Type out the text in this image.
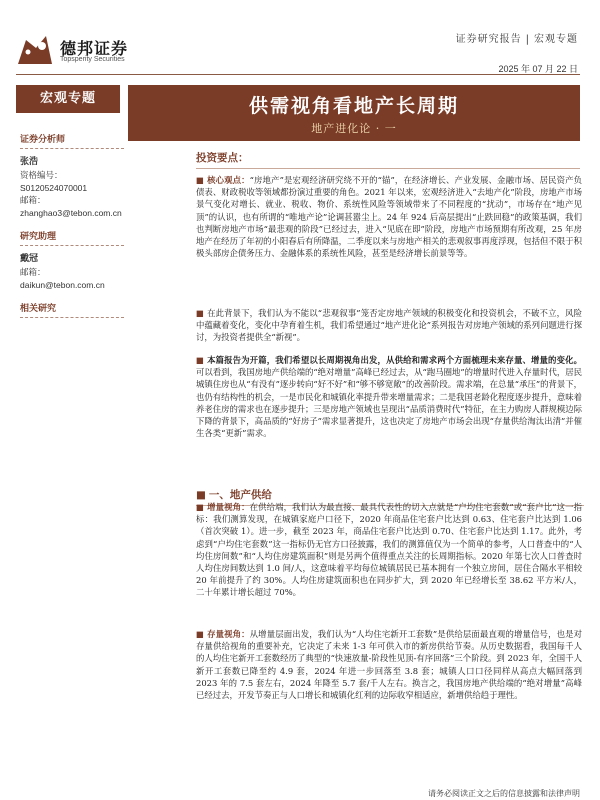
德邦证券
Topsperity Securities
证券研究报告 | 宏观专题
2025 年 07 月 22 日
宏观专题	供需视角看地产长周期
地产进化论 · 一
证券分析师
张浩
资格编号：S0120524070001
邮箱：zhanghao3@tebon.com.cn
研究助理
戴冠
邮箱：daikun@tebon.com.cn
相关研究
投资要点：
■ 核心观点：“房地产”是宏观经济研究绕不开的“锚”，在经济增长、产业发展、金融市场、居民资产负债表、财政税收等领域都扮演过重要的角色。2021 年以来，宏观经济进入“去地产化”阶段，房地产市场景气变化对增长、就业、税收、物价、系统性风险等领域带来了不同程度的“扰动”，市场存在“地产见顶”的认识，也有所谓的“唯地产论”论调甚嚣尘上。24 年 924 后高层提出“止跌回稳”的政策基调，我们也判断房地产市场“最悲观的阶段”已经过去，进入“见底在即”阶段，房地产市场预期有所改观，25 年房地产在经历了年初的小阳春后有所降温，二季度以来与房地产相关的悲观叙事再度浮现，包括但不限于积极头部房企债务压力、金融体系的系统性风险，甚至是经济增长前景等等。
■ 在此背景下，我们认为不能以“悲观叙事”笼否定房地产领域的积极变化和投资机会，不破不立，风险中蕴藏着变化，变化中孕育着生机，我们希望通过“地产进化论”系列报告对房地产领域的系列问题进行探讨，为投资者提供全“新视”。
■ 本篇报告为开篇，我们希望以长周期视角出发，从供给和需求两个方面梳理未来存量、增量的变化。可以看到，我国房地产供给端的“绝对增量”高峰已经过去，从“跑马圈地”的增量时代进入存量时代，居民城镇住房也从“有没有”逐步转向“好不好”和“够不够宽敞”的改善阶段。需求端，在总量“承压”的背景下，也仍有结构性的机会，一是市民化和城镇化率提升带来增量需求；二是我国老龄化程度逐步提升，意味着养老住房的需求也在逐步提升；三是房地产领域也呈现出“品质消费时代”特征，在主力购房人群规模边际下降的背景下，高品质的“好房子”需求显著提升，这也决定了房地产市场会出现“存量供给淘汰出清”并催生各类“更新”需求。
■ 一、地产供给
■ 增量视角：在供给端，我们认为最直接、最具代表性的切入点就是“户均住宅套数”或“套户比”这一指标：我们测算发现，在城镇家庭户口径下，2020 年商品住宅套户比达到 0.63、住宅套户比达到 1.06（首次突破 1）。进一步，截至 2023 年，商品住宅套户比达到 0.70、住宅套户比达到 1.17。此外，考虑到“户均住宅套数”这一指标仍无官方口径披露，我们的测算值仅为一个简单的参考，人口普查中的“人均住房间数”和“人均住房建筑面积”则是另两个值得重点关注的长周期指标。2020 年第七次人口普查时人均住房间数达到 1.0 间/人，这意味着平均每位城镇居民已基本拥有一个独立房间，居住合隔水平相较 20 年前提升了约 30%。人均住房建筑面积也在同步扩大，到 2020 年已经增长至 38.62 平方米/人，二十年累计增长超过 70%。
■ 存量视角：从增量层面出发，我们认为“人均住宅新开工套数”是供给层面最直观的增量信号，也是对存量供给视角的重要补充，它决定了未来 1-3 年可供入市的新房供给节奏。从历史数据看，我国每千人的人均住宅新开工套数经历了典型的“快速放量-阶段性见顶-有序回落”三个阶段。到 2023 年，全国千人新开工套数已降至约 4.9 套，2024 年进一步回落至 3.8 套；城镇人口口径同样从高点大幅回落到 2023 年的 7.5 套左右，2024 年降至 5.7 套/千人左右。换言之，我国房地产供给端的“绝对增量”高峰已经过去，开发节奏正与人口增长和城镇化红利的边际收窄相适应，新增供给趋于理性。
请务必阅读正文之后的信息披露和法律声明
